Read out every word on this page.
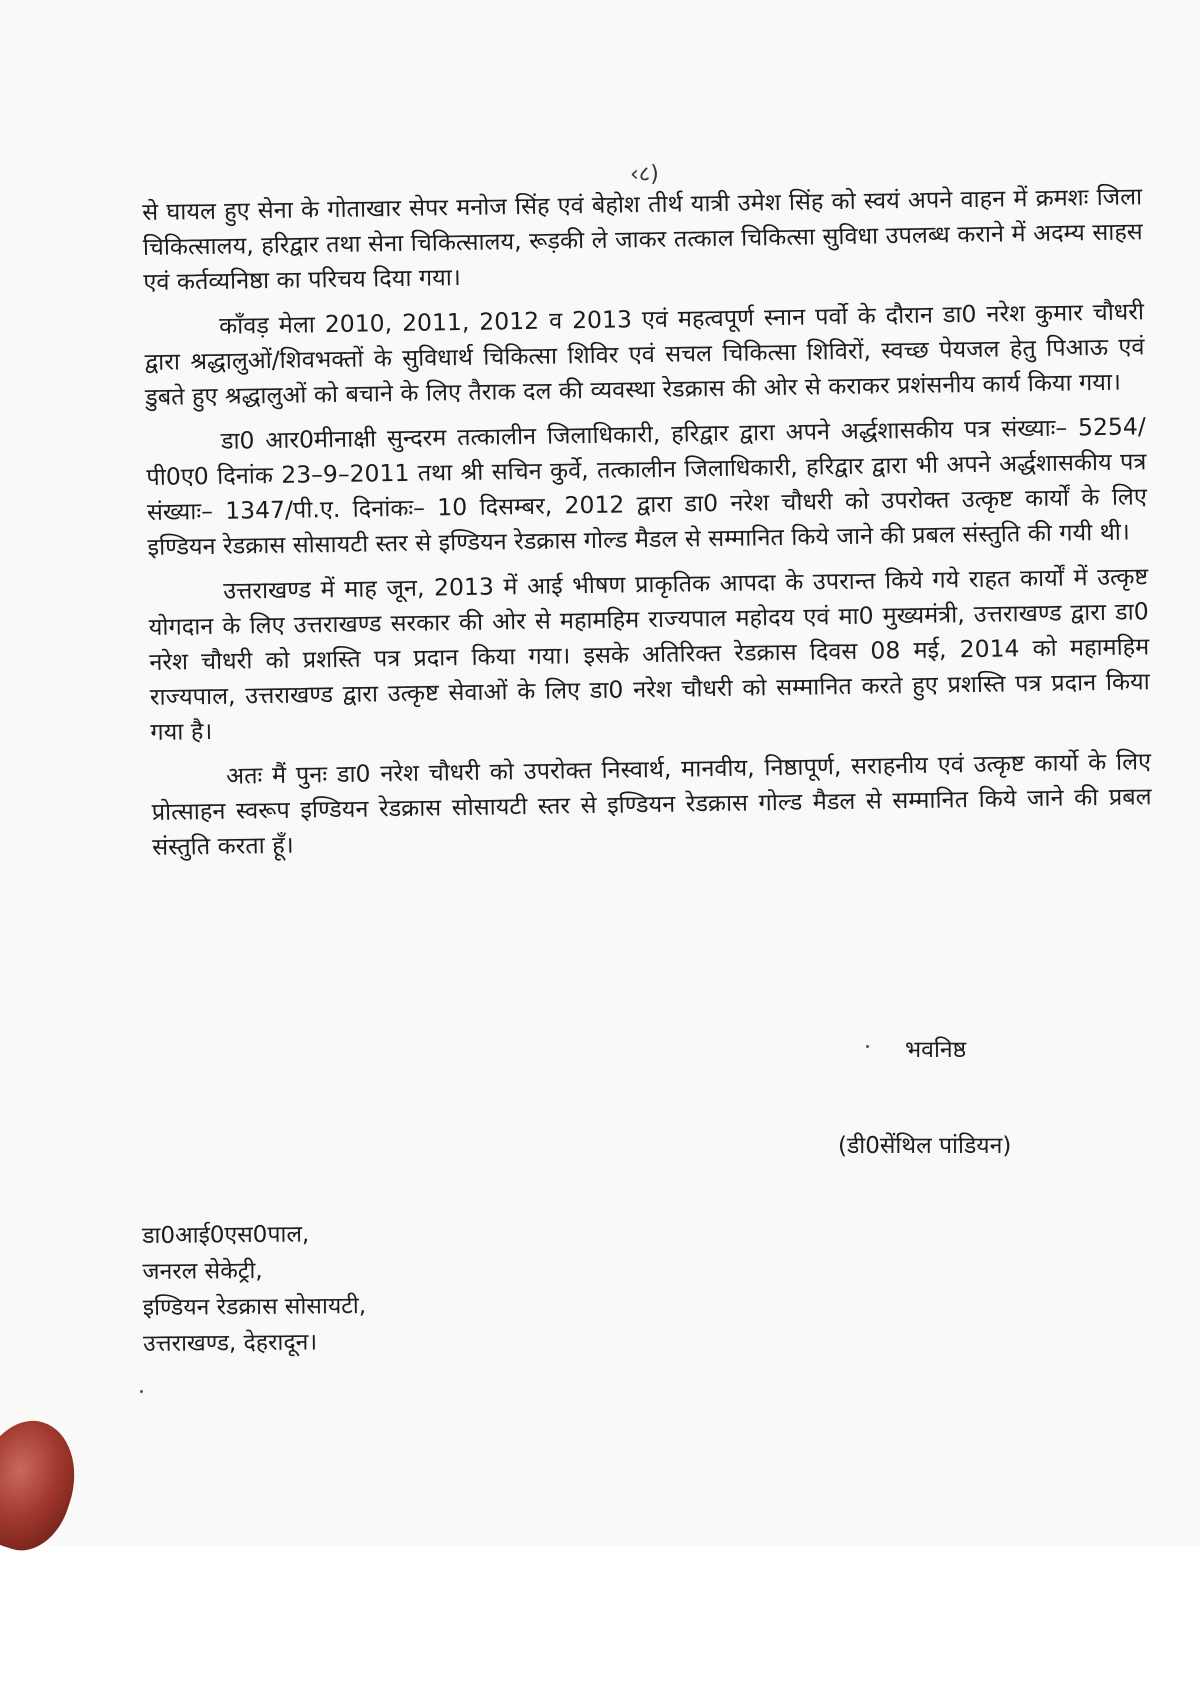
‹८)

से घायल हुए सेना के गोताखार सेपर मनोज सिंह एवं बेहोश तीर्थ यात्री उमेश सिंह को स्वयं अपने वाहन में क्रमशः जिला चिकित्सालय, हरिद्वार तथा सेना चिकित्सालय, रूड़की ले जाकर तत्काल चिकित्सा सुविधा उपलब्ध कराने में अदम्य साहस एवं कर्तव्यनिष्ठा का परिचय दिया गया।

काँवड़ मेला 2010, 2011, 2012 व 2013 एवं महत्वपूर्ण स्नान पर्वो के दौरान डा0 नरेश कुमार चौधरी द्वारा श्रद्धालुओं/शिवभक्तों के सुविधार्थ चिकित्सा शिविर एवं सचल चिकित्सा शिविरों, स्वच्छ पेयजल हेतु पिआऊ एवं डुबते हुए श्रद्धालुओं को बचाने के लिए तैराक दल की व्यवस्था रेडक्रास की ओर से कराकर प्रशंसनीय कार्य किया गया।

डा0 आर0मीनाक्षी सुन्दरम तत्कालीन जिलाधिकारी, हरिद्वार द्वारा अपने अर्द्धशासकीय पत्र संख्याः– 5254/पी0ए0 दिनांक 23–9–2011 तथा श्री सचिन कुर्वे, तत्कालीन जिलाधिकारी, हरिद्वार द्वारा भी अपने अर्द्धशासकीय पत्र संख्याः– 1347/पी.ए. दिनांकः– 10 दिसम्बर, 2012 द्वारा डा0 नरेश चौधरी को उपरोक्त उत्कृष्ट कार्यों के लिए इण्डियन रेडक्रास सोसायटी स्तर से इण्डियन रेडक्रास गोल्ड मैडल से सम्मानित किये जाने की प्रबल संस्तुति की गयी थी।

उत्तराखण्ड में माह जून, 2013 में आई भीषण प्राकृतिक आपदा के उपरान्त किये गये राहत कार्यों में उत्कृष्ट योगदान के लिए उत्तराखण्ड सरकार की ओर से महामहिम राज्यपाल महोदय एवं मा0 मुख्यमंत्री, उत्तराखण्ड द्वारा डा0 नरेश चौधरी को प्रशस्ति पत्र प्रदान किया गया। इसके अतिरिक्त रेडक्रास दिवस 08 मई, 2014 को महामहिम राज्यपाल, उत्तराखण्ड द्वारा उत्कृष्ट सेवाओं के लिए डा0 नरेश चौधरी को सम्मानित करते हुए प्रशस्ति पत्र प्रदान किया गया है।

अतः मैं पुनः डा0 नरेश चौधरी को उपरोक्त निस्वार्थ, मानवीय, निष्ठापूर्ण, सराहनीय एवं उत्कृष्ट कार्यो के लिए प्रोत्साहन स्वरूप इण्डियन रेडक्रास सोसायटी स्तर से इण्डियन रेडक्रास गोल्ड मैडल से सम्मानित किये जाने की प्रबल संस्तुति करता हूँ।

भवनिष्ठ
(डी0सेंथिल पांडियन)
डा0आई0एस0पाल,
जनरल सेकेट्री,
इण्डियन रेडक्रास सोसायटी,
उत्तराखण्ड, देहरादून।
